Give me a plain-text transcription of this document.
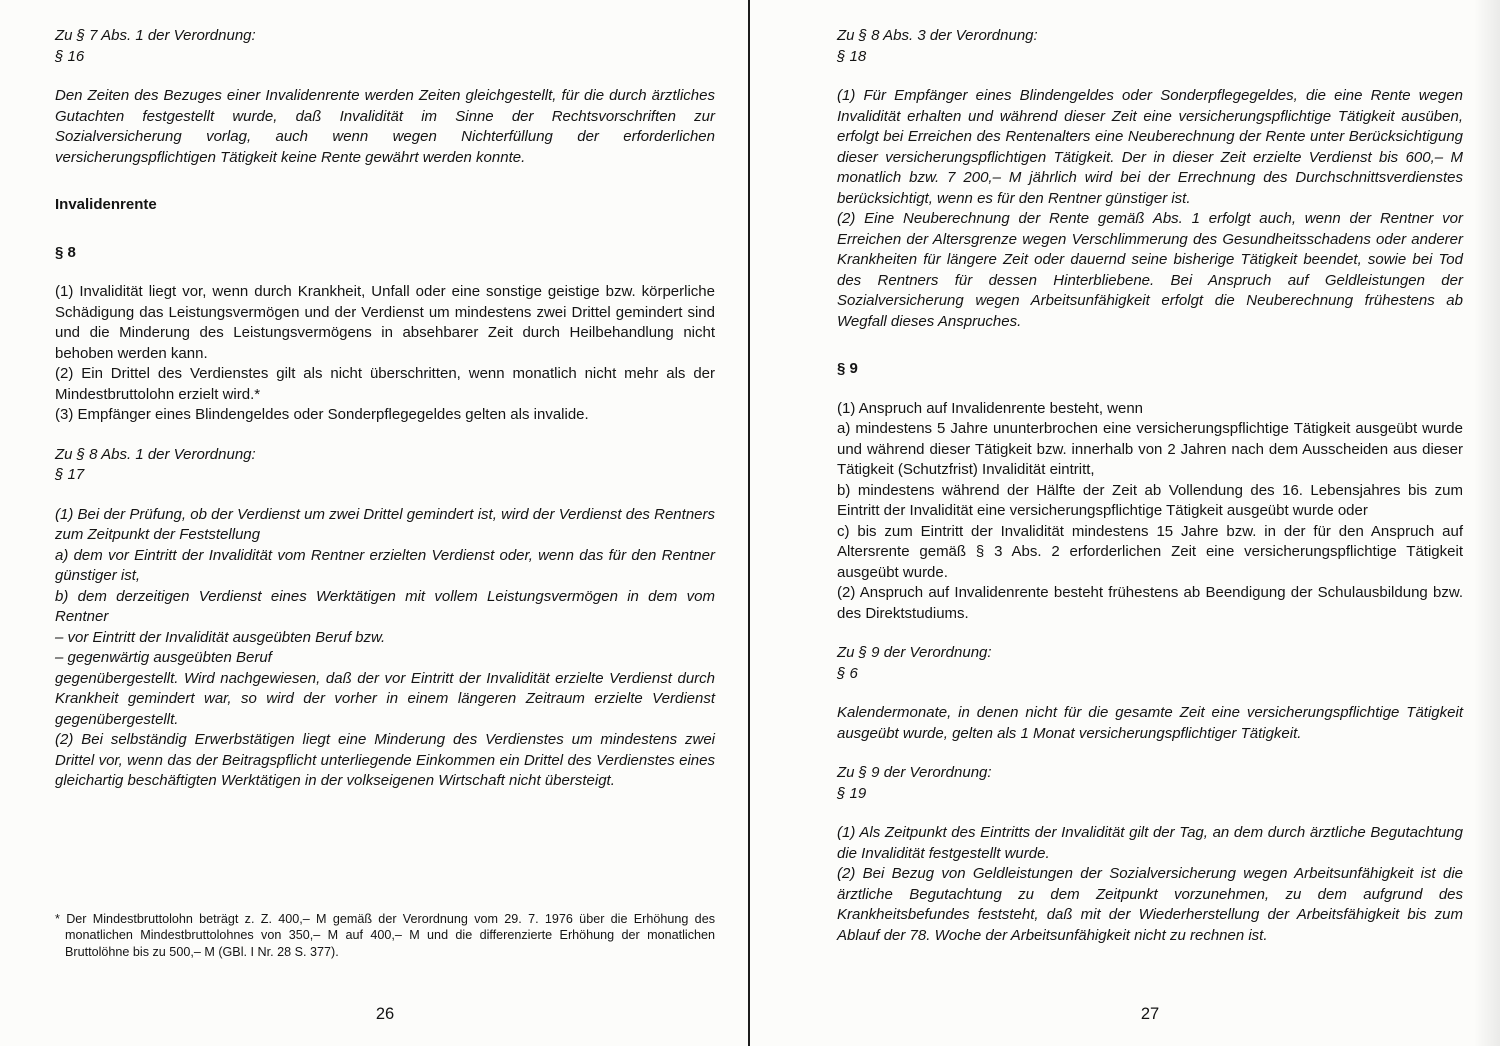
Zu § 7 Abs. 1 der Verordnung:

§ 16

Den Zeiten des Bezuges einer Invalidenrente werden Zeiten gleichgestellt, für die durch ärztliches Gutachten festgestellt wurde, daß Invalidität im Sinne der Rechtsvorschriften zur Sozialversicherung vorlag, auch wenn wegen Nichterfüllung der erforderlichen versicherungspflichtigen Tätigkeit keine Rente gewährt werden konnte.

Invalidenrente
§ 8

(1) Invalidität liegt vor, wenn durch Krankheit, Unfall oder eine sonstige geistige bzw. körperliche Schädigung das Leistungsvermögen und der Verdienst um mindestens zwei Drittel gemindert sind und die Minderung des Leistungsvermögens in absehbarer Zeit durch Heilbehandlung nicht behoben werden kann.

(2) Ein Drittel des Verdienstes gilt als nicht überschritten, wenn monatlich nicht mehr als der Mindestbruttolohn erzielt wird.*

(3) Empfänger eines Blindengeldes oder Sonderpflegegeldes gelten als invalide.

Zu § 8 Abs. 1 der Verordnung:

§ 17

(1) Bei der Prüfung, ob der Verdienst um zwei Drittel gemindert ist, wird der Verdienst des Rentners zum Zeitpunkt der Feststellung

a) dem vor Eintritt der Invalidität vom Rentner erzielten Verdienst oder, wenn das für den Rentner günstiger ist,

b) dem derzeitigen Verdienst eines Werktätigen mit vollem Leistungsvermögen in dem vom Rentner

– vor Eintritt der Invalidität ausgeübten Beruf bzw.

– gegenwärtig ausgeübten Beruf

gegenübergestellt. Wird nachgewiesen, daß der vor Eintritt der Invalidität erzielte Verdienst durch Krankheit gemindert war, so wird der vorher in einem längeren Zeitraum erzielte Verdienst gegenübergestellt.

(2) Bei selbständig Erwerbstätigen liegt eine Minderung des Verdienstes um mindestens zwei Drittel vor, wenn das der Beitragspflicht unterliegende Einkommen ein Drittel des Verdienstes eines gleichartig beschäftigten Werktätigen in der volkseigenen Wirtschaft nicht übersteigt.

* Der Mindestbruttolohn beträgt z. Z. 400,– M gemäß der Verordnung vom 29. 7. 1976 über die Erhöhung des monatlichen Mindestbruttolohnes von 350,– M auf 400,– M und die differenzierte Erhöhung der monatlichen Bruttolöhne bis zu 500,– M (GBl. I Nr. 28 S. 377).

26

Zu § 8 Abs. 3 der Verordnung:

§ 18

(1) Für Empfänger eines Blindengeldes oder Sonderpflegegeldes, die eine Rente wegen Invalidität erhalten und während dieser Zeit eine versicherungspflichtige Tätigkeit ausüben, erfolgt bei Erreichen des Rentenalters eine Neuberechnung der Rente unter Berücksichtigung dieser versicherungspflichtigen Tätigkeit. Der in dieser Zeit erzielte Verdienst bis 600,– M monatlich bzw. 7 200,– M jährlich wird bei der Errechnung des Durchschnittsverdienstes berücksichtigt, wenn es für den Rentner günstiger ist.

(2) Eine Neuberechnung der Rente gemäß Abs. 1 erfolgt auch, wenn der Rentner vor Erreichen der Altersgrenze wegen Verschlimmerung des Gesundheitsschadens oder anderer Krankheiten für längere Zeit oder dauernd seine bisherige Tätigkeit beendet, sowie bei Tod des Rentners für dessen Hinterbliebene. Bei Anspruch auf Geldleistungen der Sozialversicherung wegen Arbeitsunfähigkeit erfolgt die Neuberechnung frühestens ab Wegfall dieses Anspruches.

§ 9

(1) Anspruch auf Invalidenrente besteht, wenn

a) mindestens 5 Jahre ununterbrochen eine versicherungspflichtige Tätigkeit ausgeübt wurde und während dieser Tätigkeit bzw. innerhalb von 2 Jahren nach dem Ausscheiden aus dieser Tätigkeit (Schutzfrist) Invalidität eintritt,

b) mindestens während der Hälfte der Zeit ab Vollendung des 16. Lebensjahres bis zum Eintritt der Invalidität eine versicherungspflichtige Tätigkeit ausgeübt wurde oder

c) bis zum Eintritt der Invalidität mindestens 15 Jahre bzw. in der für den Anspruch auf Altersrente gemäß § 3 Abs. 2 erforderlichen Zeit eine versicherungspflichtige Tätigkeit ausgeübt wurde.

(2) Anspruch auf Invalidenrente besteht frühestens ab Beendigung der Schulausbildung bzw. des Direktstudiums.

Zu § 9 der Verordnung:

§ 6

Kalendermonate, in denen nicht für die gesamte Zeit eine versicherungspflichtige Tätigkeit ausgeübt wurde, gelten als 1 Monat versicherungspflichtiger Tätigkeit.

Zu § 9 der Verordnung:

§ 19

(1) Als Zeitpunkt des Eintritts der Invalidität gilt der Tag, an dem durch ärztliche Begutachtung die Invalidität festgestellt wurde.

(2) Bei Bezug von Geldleistungen der Sozialversicherung wegen Arbeitsunfähigkeit ist die ärztliche Begutachtung zu dem Zeitpunkt vorzunehmen, zu dem aufgrund des Krankheitsbefundes feststeht, daß mit der Wiederherstellung der Arbeitsfähigkeit bis zum Ablauf der 78. Woche der Arbeitsunfähigkeit nicht zu rechnen ist.

27
